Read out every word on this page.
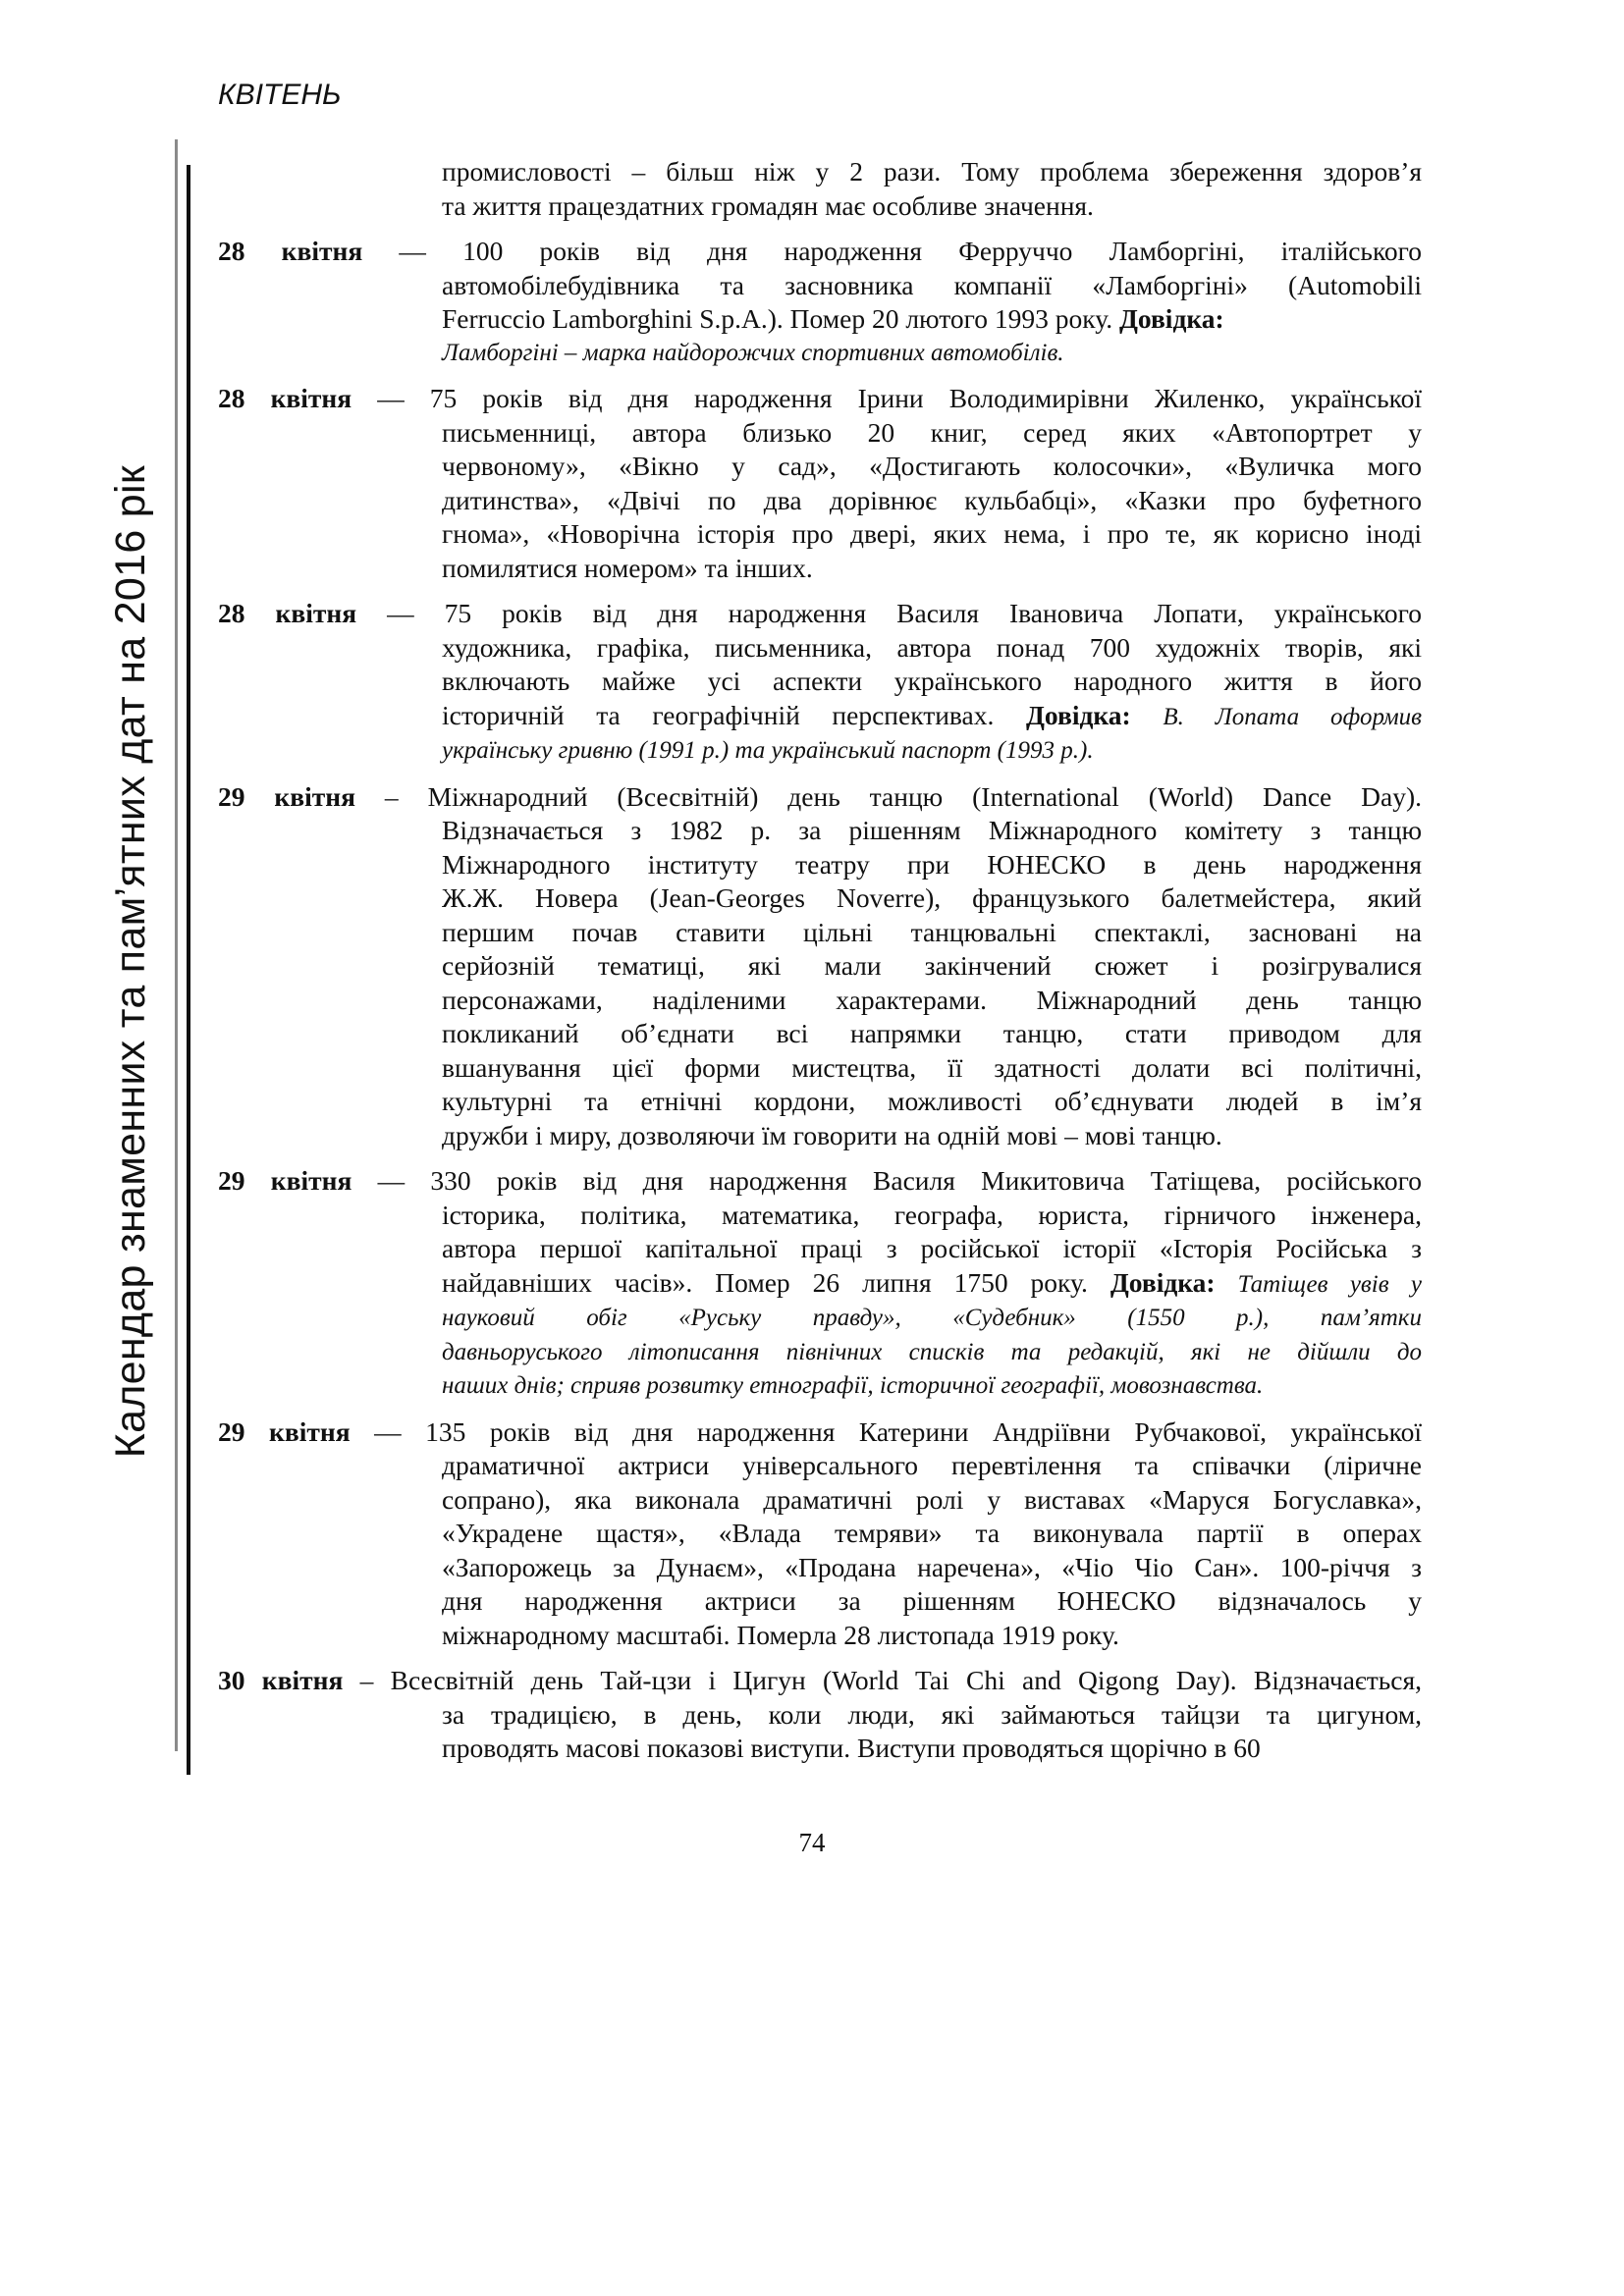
КВІТЕНЬ
Календар знаменних та пам’ятних дат на 2016 рік
промисловості – більш ніж у 2 рази. Тому проблема збереження здоров’я
та життя працездатних громадян має особливе значення.
28 квітня — 100 років від дня народження Ферруччо Ламборгіні, італійського
автомобілебудівника та засновника компанії «Ламборгіні» (Automobili
Ferruccio Lamborghini S.p.A.). Помер 20 лютого 1993 року. Довідка:
Ламборгіні – марка найдорожчих спортивних автомобілів.
28 квітня — 75 років від дня народження Ірини Володимирівни Жиленко, української
письменниці, автора близько 20 книг, серед яких «Автопортрет у
червоному», «Вікно у сад», «Достигають колосочки», «Вуличка мого
дитинства», «Двічі по два дорівнює кульбабці», «Казки про буфетного
гнома», «Новорічна історія про двері, яких нема, і про те, як корисно іноді
помилятися номером» та інших.
28 квітня — 75 років від дня народження Василя Івановича Лопати, українського
художника, графіка, письменника, автора понад 700 художніх творів, які
включають майже усі аспекти українського народного життя в його
історичній та географічній перспективах. Довідка: В. Лопата оформив
українську гривню (1991 р.) та український паспорт (1993 р.).
29 квітня – Міжнародний (Всесвітній) день танцю (International (World) Dance Day).
Відзначається з 1982 р. за рішенням Міжнародного комітету з танцю
Міжнародного інституту театру при ЮНЕСКО в день народження
Ж.Ж. Новера (Jean-Georges Noverre), французького балетмейстера, який
першим почав ставити цільні танцювальні спектаклі, засновані на
серйозній тематиці, які мали закінчений сюжет і розігрувалися
персонажами, наділеними характерами. Міжнародний день танцю
покликаний об’єднати всі напрямки танцю, стати приводом для
вшанування цієї форми мистецтва, її здатності долати всі політичні,
культурні та етнічні кордони, можливості об’єднувати людей в ім’я
дружби і миру, дозволяючи їм говорити на одній мові – мові танцю.
29 квітня — 330 років від дня народження Василя Микитовича Татіщева, російського
історика, політика, математика, географа, юриста, гірничого інженера,
автора першої капітальної праці з російської історії «Історія Російська з
найдавніших часів». Помер 26 липня 1750 року. Довідка: Татіщев увів у
науковий обіг «Руську правду», «Судебник» (1550 р.), пам’ятки
давньоруського літописання північних списків та редакцій, які не дійшли до
наших днів; сприяв розвитку етнографії, історичної географії, мовознавства.
29 квітня — 135 років від дня народження Катерини Андріївни Рубчакової, української
драматичної актриси універсального перевтілення та співачки (ліричне
сопрано), яка виконала драматичні ролі у виставах «Маруся Богуславка»,
«Украдене щастя», «Влада темряви» та виконувала партії в операх
«Запорожець за Дунаєм», «Продана наречена», «Чіо Чіо Сан». 100-річчя з
дня народження актриси за рішенням ЮНЕСКО відзначалось у
міжнародному масштабі. Померла 28 листопада 1919 року.
30 квітня – Всесвітній день Тай-цзи і Цигун (World Tai Chi and Qigong Day). Відзначається,
за традицією, в день, коли люди, які займаються тайцзи та цигуном,
проводять масові показові виступи. Виступи проводяться щорічно в 60
74
